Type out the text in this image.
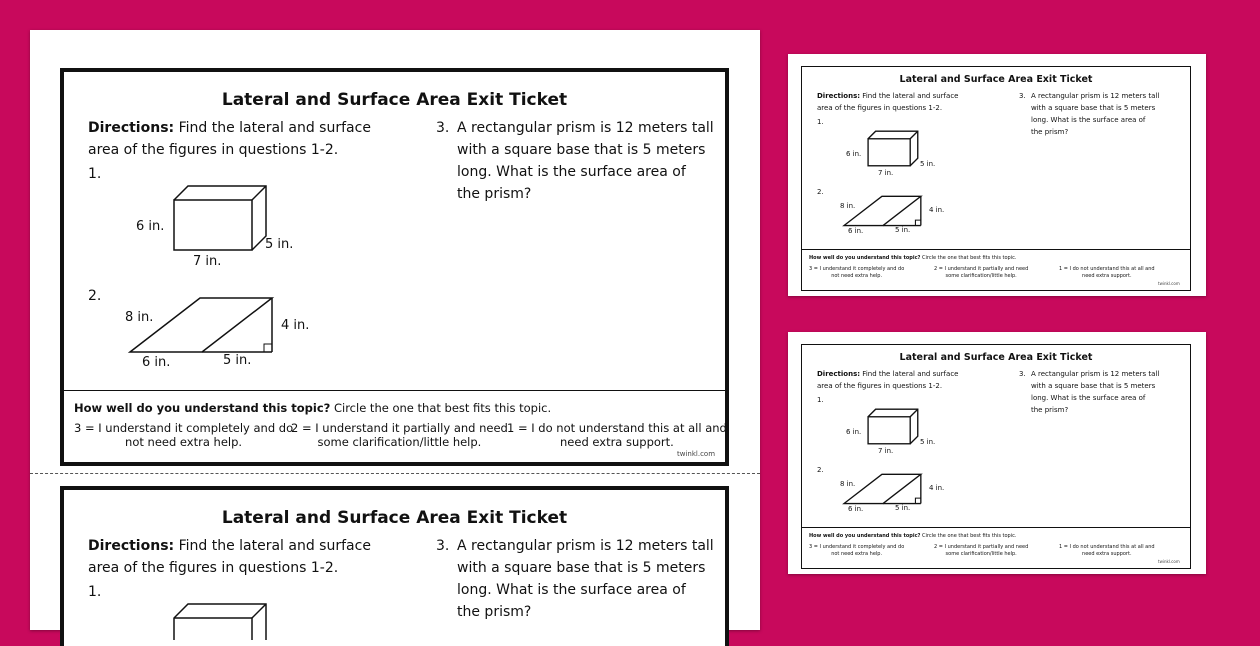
Lateral and Surface Area Exit Ticket
Directions: Find the lateral and surface
area of the figures in questions 1-2.
1.
6 in.
5 in.
7 in.
2.
8 in.
4 in.
6 in.	5 in.
3. A rectangular prism is 12 meters tall
with a square base that is 5 meters
long. What is the surface area of
the prism?
How well do you understand this topic? Circle the one that best fits this topic.
3 = I understand it completely and do
not need extra help.
2 = I understand it partially and need
some clarification/little help.
1 = I do not understand this at all and
need extra support.
twinkl.com
Lateral and Surface Area Exit Ticket
Directions: Find the lateral and surface
area of the figures in questions 1-2.
1.
3. A rectangular prism is 12 meters tall
with a square base that is 5 meters
long. What is the surface area of
the prism?
Lateral and Surface Area Exit Ticket
Directions: Find the lateral and surface
area of the figures in questions 1-2.
1.
6 in.
5 in.
7 in.
2.
8 in.	4 in.
6 in.	5 in.
3. A rectangular prism is 12 meters tall
with a square base that is 5 meters
long. What is the surface area of
the prism?
How well do you understand this topic? Circle the one that best fits this topic.
3 = I understand it completely and do
not need extra help.
2 = I understand it partially and need
some clarification/little help.
1 = I do not understand this at all and
need extra support.
twinkl.com
Lateral and Surface Area Exit Ticket
Directions: Find the lateral and surface
area of the figures in questions 1-2.
1.
6 in.
5 in.
7 in.
2.
8 in.	4 in.
6 in.	5 in.
3. A rectangular prism is 12 meters tall
with a square base that is 5 meters
long. What is the surface area of
the prism?
How well do you understand this topic? Circle the one that best fits this topic.
3 = I understand it completely and do
not need extra help.
2 = I understand it partially and need
some clarification/little help.
1 = I do not understand this at all and
need extra support.
twinkl.com
